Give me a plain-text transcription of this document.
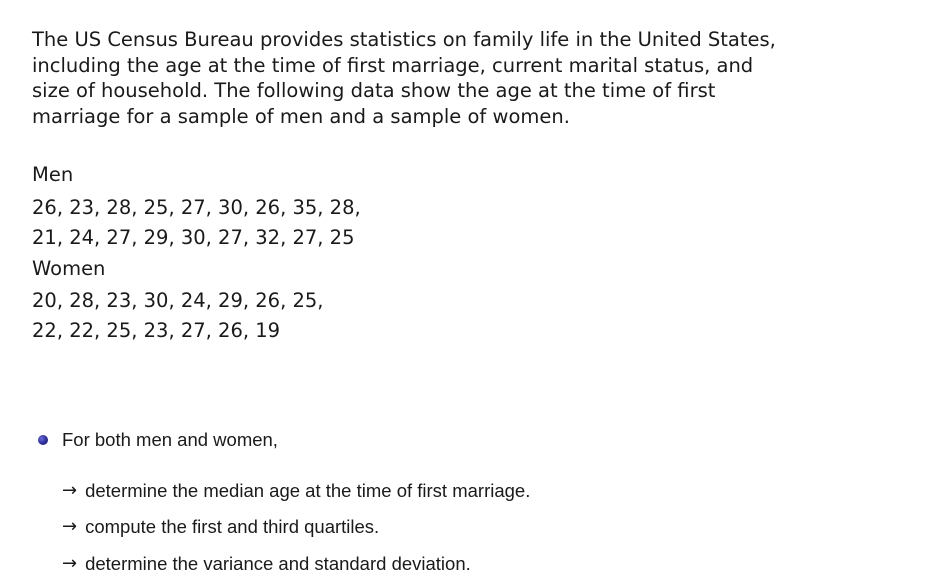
The US Census Bureau provides statistics on family life in the United States, including the age at the time of first marriage, current marital status, and size of household. The following data show the age at the time of first marriage for a sample of men and a sample of women.

Men

26, 23, 28, 25, 27, 30, 26, 35, 28,

21, 24, 27, 29, 30, 27, 32, 27, 25

Women

20, 28, 23, 30, 24, 29, 26, 25,

22, 22, 25, 23, 27, 26, 19

For both men and women,
→ determine the median age at the time of first marriage.
→ compute the first and third quartiles.
→ determine the variance and standard deviation.
